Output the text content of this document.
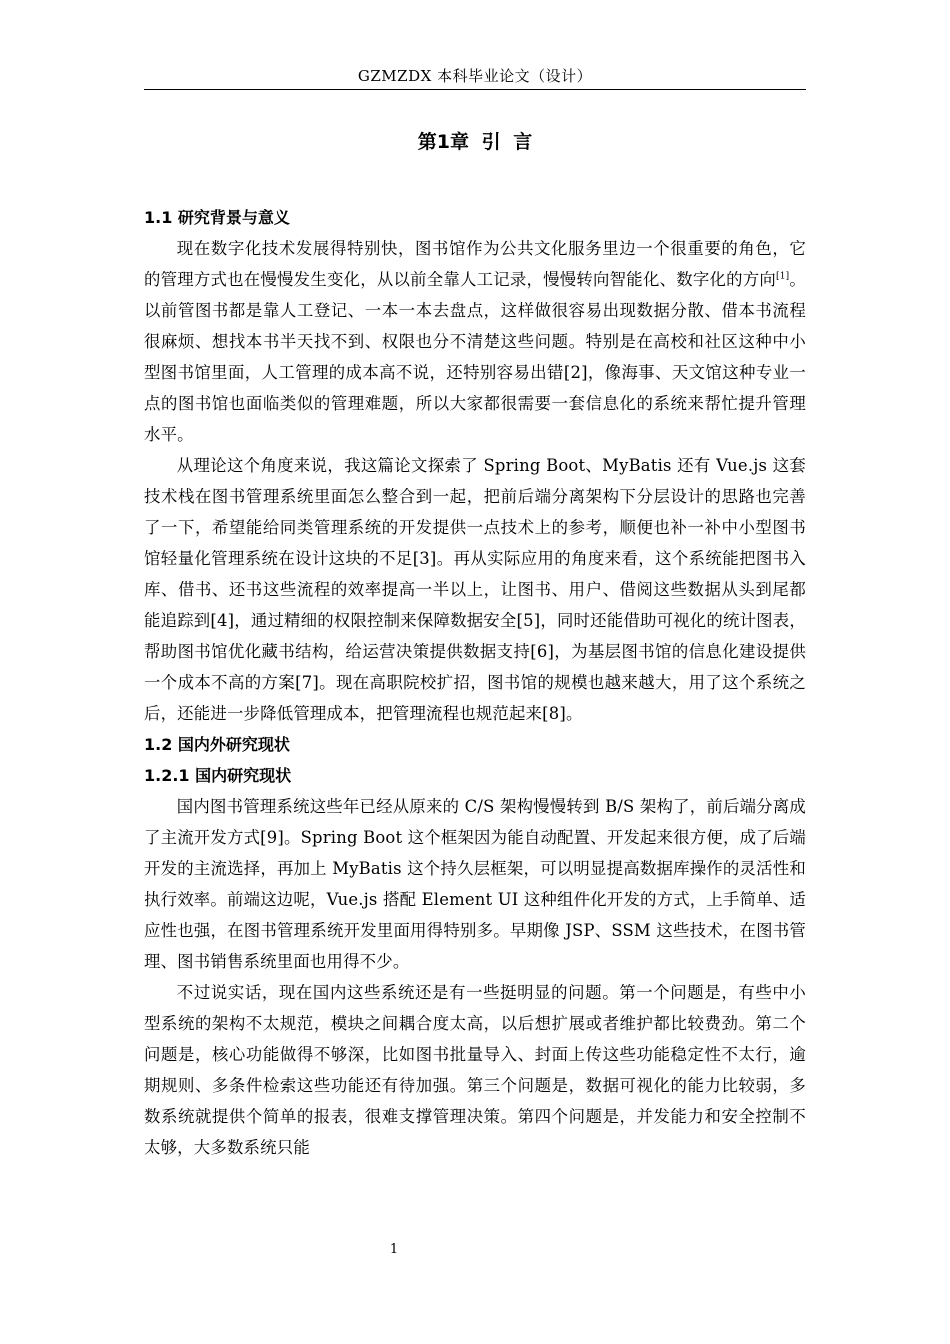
GZMZDX 本科毕业论文（设计）
第1章 引 言

1.1 研究背景与意义

现在数字化技术发展得特别快，图书馆作为公共文化服务里边一个很重要的角色，它的管理方式也在慢慢发生变化，从以前全靠人工记录，慢慢转向智能化、数字化的方向[1]。以前管图书都是靠人工登记、一本一本去盘点，这样做很容易出现数据分散、借本书流程很麻烦、想找本书半天找不到、权限也分不清楚这些问题。特别是在高校和社区这种中小型图书馆里面，人工管理的成本高不说，还特别容易出错[2]，像海事、天文馆这种专业一点的图书馆也面临类似的管理难题，所以大家都很需要一套信息化的系统来帮忙提升管理水平。

从理论这个角度来说，我这篇论文探索了 Spring Boot、MyBatis 还有 Vue.js 这套技术栈在图书管理系统里面怎么整合到一起，把前后端分离架构下分层设计的思路也完善了一下，希望能给同类管理系统的开发提供一点技术上的参考，顺便也补一补中小型图书馆轻量化管理系统在设计这块的不足[3]。再从实际应用的角度来看，这个系统能把图书入库、借书、还书这些流程的效率提高一半以上，让图书、用户、借阅这些数据从头到尾都能追踪到[4]，通过精细的权限控制来保障数据安全[5]，同时还能借助可视化的统计图表，帮助图书馆优化藏书结构，给运营决策提供数据支持[6]，为基层图书馆的信息化建设提供一个成本不高的方案[7]。现在高职院校扩招，图书馆的规模也越来越大，用了这个系统之后，还能进一步降低管理成本，把管理流程也规范起来[8]。

1.2 国内外研究现状

1.2.1 国内研究现状

国内图书管理系统这些年已经从原来的 C/S 架构慢慢转到 B/S 架构了，前后端分离成了主流开发方式[9]。Spring Boot 这个框架因为能自动配置、开发起来很方便，成了后端开发的主流选择，再加上 MyBatis 这个持久层框架，可以明显提高数据库操作的灵活性和执行效率。前端这边呢，Vue.js 搭配 Element UI 这种组件化开发的方式，上手简单、适应性也强，在图书管理系统开发里面用得特别多。早期像 JSP、SSM 这些技术，在图书管理、图书销售系统里面也用得不少。

不过说实话，现在国内这些系统还是有一些挺明显的问题。第一个问题是，有些中小型系统的架构不太规范，模块之间耦合度太高，以后想扩展或者维护都比较费劲。第二个问题是，核心功能做得不够深，比如图书批量导入、封面上传这些功能稳定性不太行，逾期规则、多条件检索这些功能还有待加强。第三个问题是，数据可视化的能力比较弱，多数系统就提供个简单的报表，很难支撑管理决策。第四个问题是，并发能力和安全控制不太够，大多数系统只能

1
